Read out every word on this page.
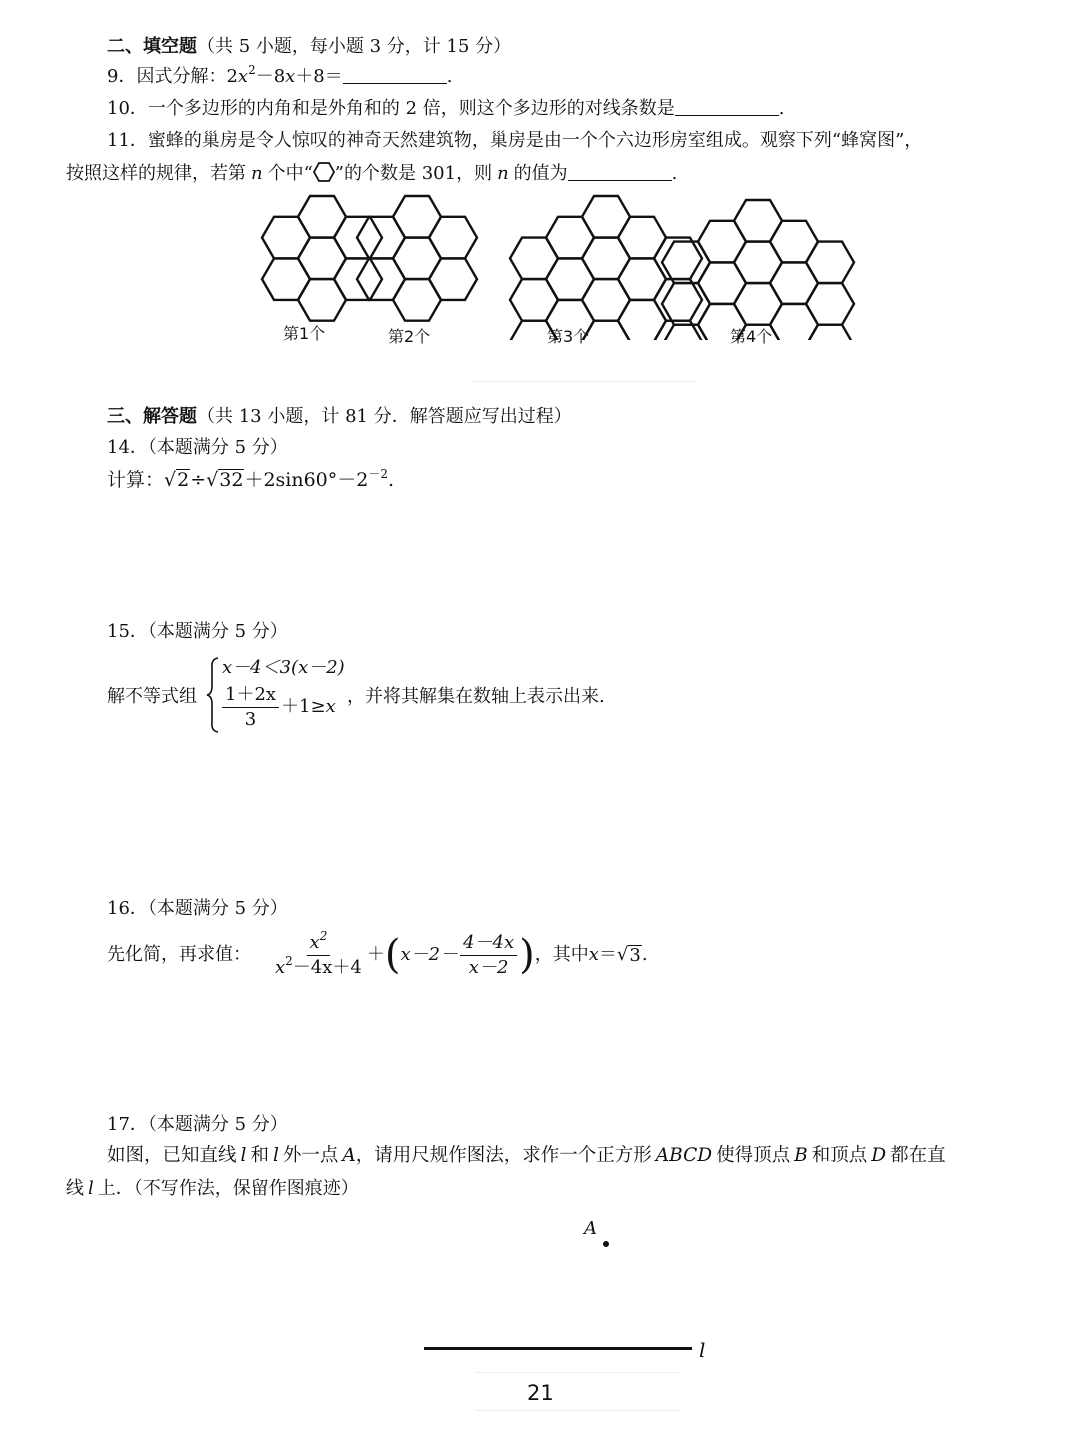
二、填空题（共 5 小题，每小题 3 分，计 15 分）
9．因式分解：$2x^2-8x+8=$	.
10．一个多边形的内角和是外角和的 2 倍，则这个多边形的对线条数是	.
11．蜜蜂的巢房是令人惊叹的神奇天然建筑物，巢房是由一个个六边形房室组成。观察下列“蜂窝图”，
按照这样的规律，若第 n 个中“ ”的个数是 301，则 n 的值为	.
第1个	第2个	第3个	第4个
三、解答题（共 13 小题，计 81 分．解答题应写出过程）
14．（本题满分 5 分）
计算：$√2\div√32+2\sin 60^\circ-2^{-2}$.
15．（本题满分 5 分）
解不等式组
x－4＜3(x－2)
$\frac{1+2x}{3} +1\ge x$ ，并将其解集在数轴上表示出来.
16．（本题满分 5 分）
先化简，再求值： $\frac{x^2}{x^2-4x+4}$ ＋ ( $x-2- \frac{4-4x}{x-2}$ ) ，其中 x ＝ √ 3 .
17．（本题满分 5 分）
如图，已知直线 l 和 l 外一点 A，请用尺规作图法，求作一个正方形 ABCD 使得顶点 B 和顶点 D 都在直
线 l 上．（不写作法，保留作图痕迹）
A
l
21
